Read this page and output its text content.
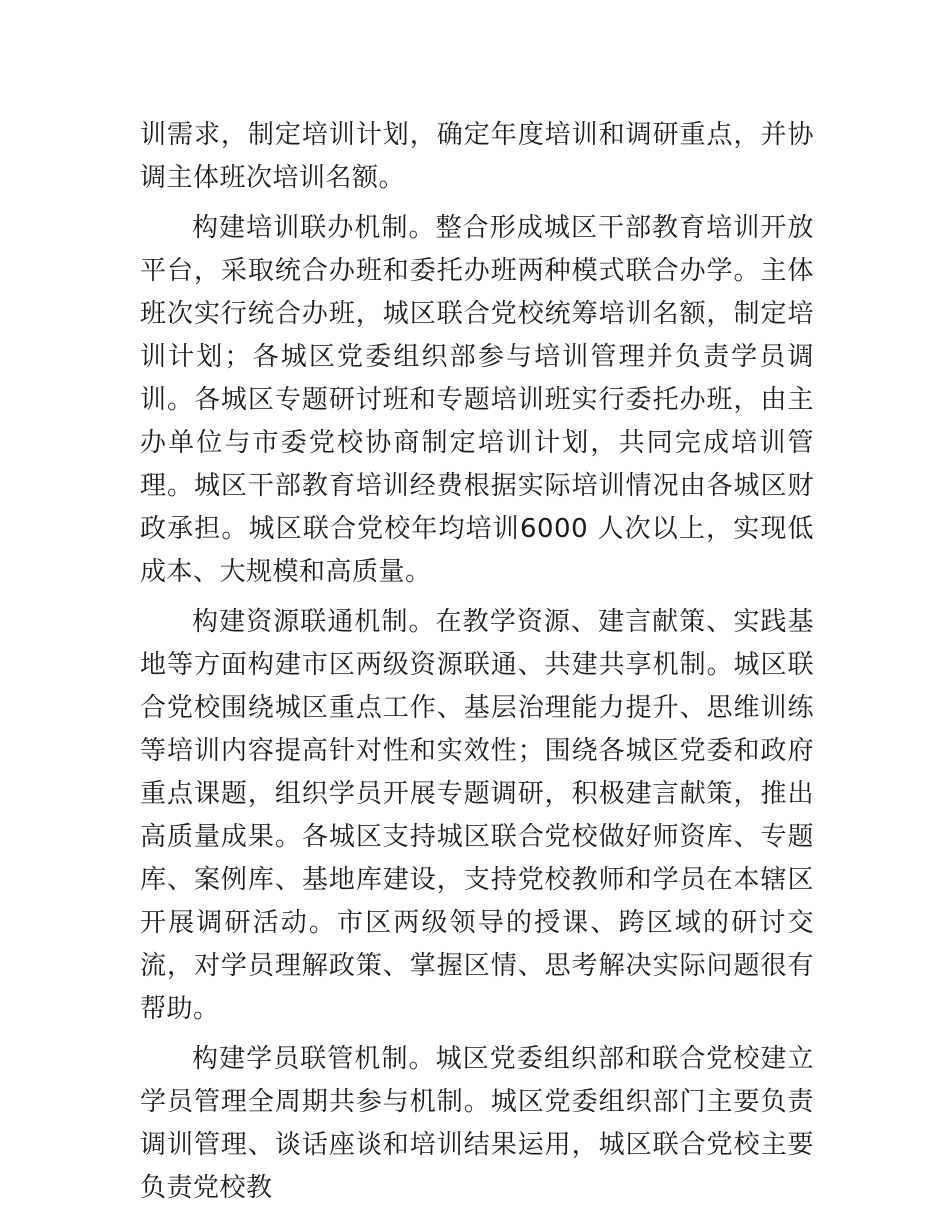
训需求，制定培训计划，确定年度培训和调研重点，并协调主体班次培训名额。

构建培训联办机制。整合形成城区干部教育培训开放平台，采取统合办班和委托办班两种模式联合办学。主体班次实行统合办班，城区联合党校统筹培训名额，制定培训计划；各城区党委组织部参与培训管理并负责学员调训。各城区专题研讨班和专题培训班实行委托办班，由主办单位与市委党校协商制定培训计划，共同完成培训管理。城区干部教育培训经费根据实际培训情况由各城区财政承担。城区联合党校年均培训6000 人次以上，实现低成本、大规模和高质量。

构建资源联通机制。在教学资源、建言献策、实践基地等方面构建市区两级资源联通、共建共享机制。城区联合党校围绕城区重点工作、基层治理能力提升、思维训练等培训内容提高针对性和实效性；围绕各城区党委和政府重点课题，组织学员开展专题调研，积极建言献策，推出高质量成果。各城区支持城区联合党校做好师资库、专题库、案例库、基地库建设，支持党校教师和学员在本辖区开展调研活动。市区两级领导的授课、跨区域的研讨交流，对学员理解政策、掌握区情、思考解决实际问题很有帮助。

构建学员联管机制。城区党委组织部和联合党校建立学员管理全周期共参与机制。城区党委组织部门主要负责调训管理、谈话座谈和培训结果运用，城区联合党校主要负责党校教
